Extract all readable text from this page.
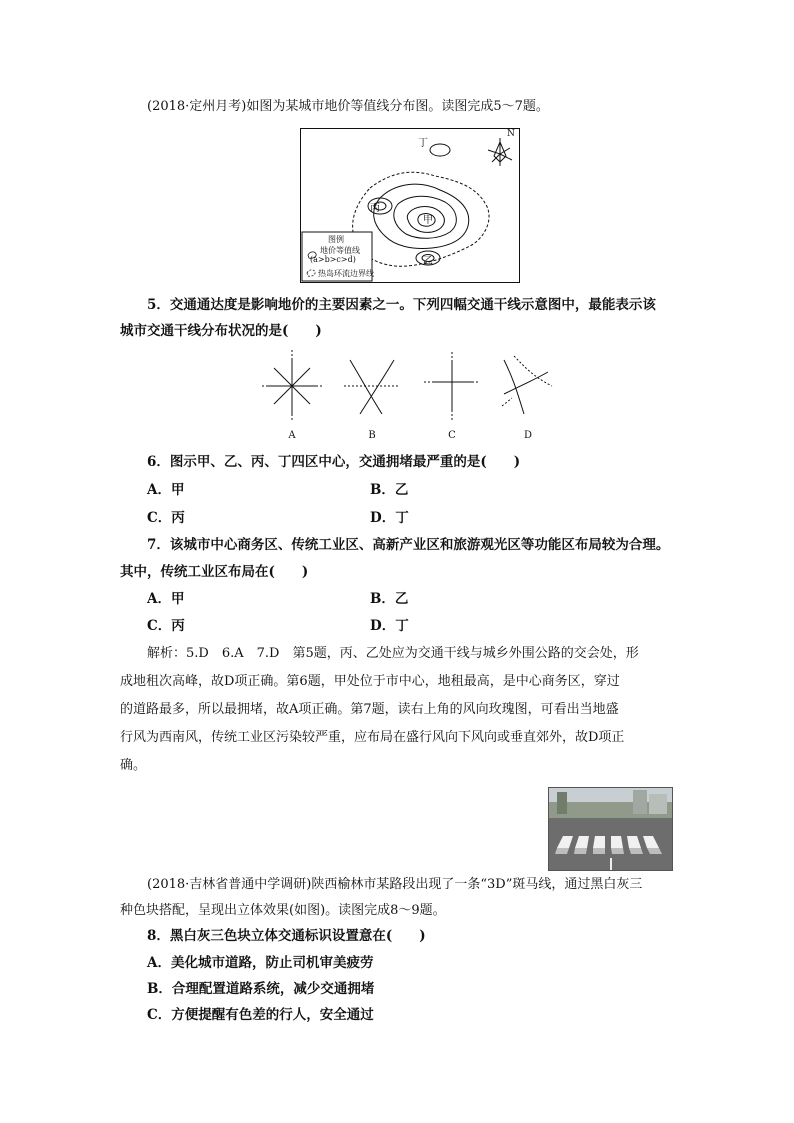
(2018·定州月考)如图为某城市地价等值线分布图。读图完成5～7题。
丁
N
丙
甲
乙
图例
地价等值线
(a>b>c>d)
热岛环流边界线
5．交通通达度是影响地价的主要因素之一。下列四幅交通干线示意图中，最能表示该
城市交通干线分布状况的是(　　)
A	B	C	D
6．图示甲、乙、丙、丁四区中心，交通拥堵最严重的是(　　)
A．甲	B．乙
C．丙	D．丁
7．该城市中心商务区、传统工业区、高新产业区和旅游观光区等功能区布局较为合理。
其中，传统工业区布局在(　　)
A．甲	B．乙
C．丙	D．丁
解析：5.D　6.A　7.D　第5题，丙、乙处应为交通干线与城乡外围公路的交会处，形
成地租次高峰，故D项正确。第6题，甲处位于市中心，地租最高，是中心商务区，穿过
的道路最多，所以最拥堵，故A项正确。第7题，读右上角的风向玫瑰图，可看出当地盛
行风为西南风，传统工业区污染较严重，应布局在盛行风向下风向或垂直郊外，故D项正
确。
(2018·吉林省普通中学调研)陕西榆林市某路段出现了一条“3D”斑马线，通过黑白灰三
种色块搭配，呈现出立体效果(如图)。读图完成8～9题。
8．黑白灰三色块立体交通标识设置意在(　　)
A．美化城市道路，防止司机审美疲劳
B．合理配置道路系统，减少交通拥堵
C．方便提醒有色差的行人，安全通过
